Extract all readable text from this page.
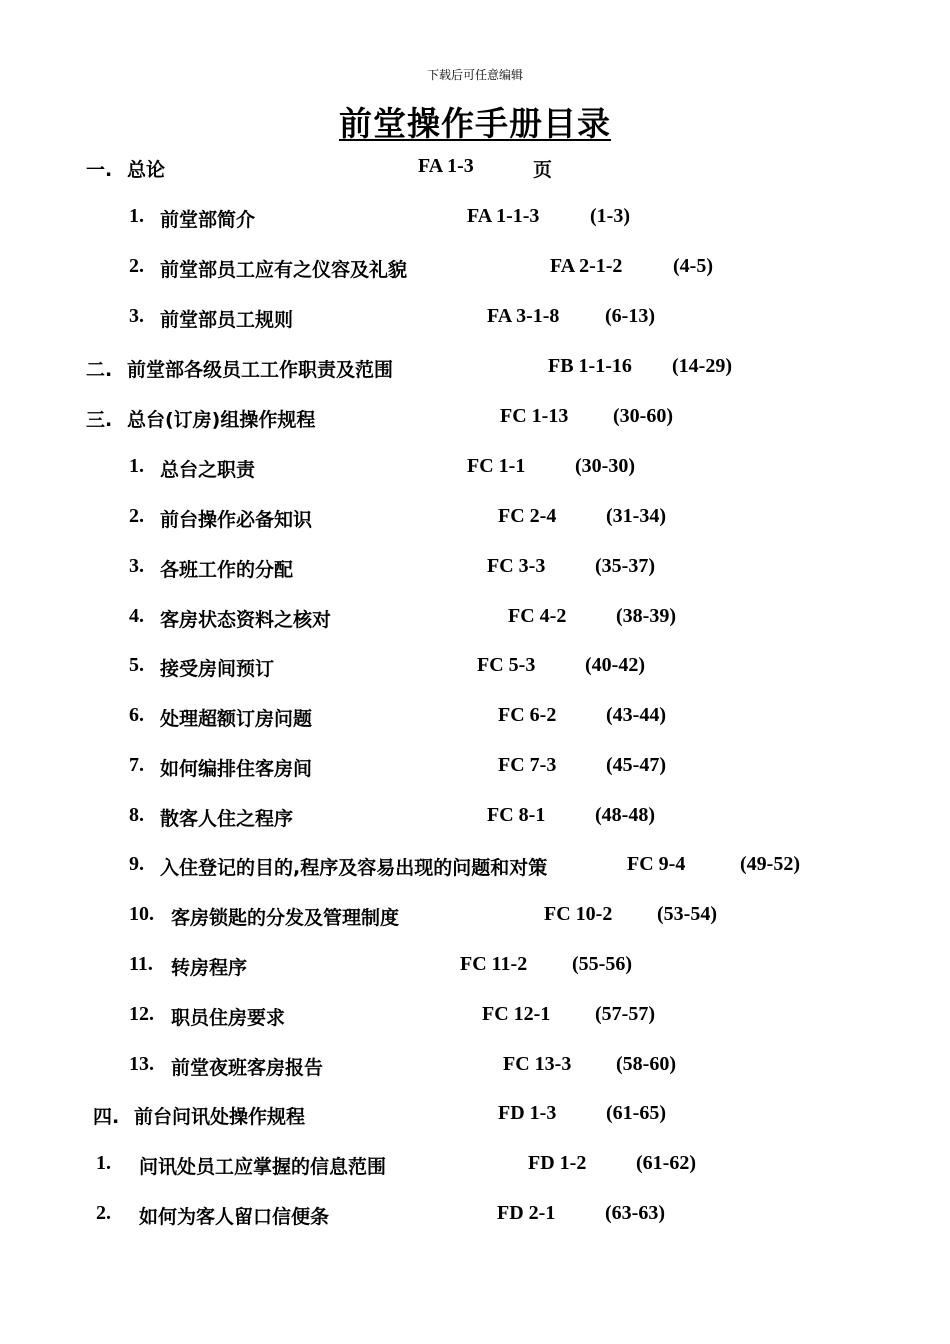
下载后可任意编辑
前堂操作手册目录
一. 总论	FA 1-3	页
1. 前堂部简介	FA 1-1-3	(1-3)
2. 前堂部员工应有之仪容及礼貌	FA 2-1-2	(4-5)
3. 前堂部员工规则	FA 3-1-8 (6-13)
二. 前堂部各级员工工作职责及范围	FB 1-1-16 (14-29)
三. 总台(订房)组操作规程	FC 1-13 (30-60)
1. 总台之职责	FC 1-1 (30-30)
2. 前台操作必备知识	FC 2-4 (31-34)
3. 各班工作的分配	FC 3-3 (35-37)
4. 客房状态资料之核对	FC 4-2 (38-39)
5. 接受房间预订	FC 5-3 (40-42)
6. 处理超额订房问题	FC 6-2 (43-44)
7. 如何编排住客房间	FC 7-3 (45-47)
8. 散客人住之程序	FC 8-1 (48-48)
9. 入住登记的目的,程序及容易出现的问题和对策	FC 9-4	(49-52)
10. 客房锁匙的分发及管理制度	FC 10-2 (53-54)
11. 转房程序	FC 11-2 (55-56)
12. 职员住房要求	FC 12-1 (57-57)
13. 前堂夜班客房报告	FC 13-3 (58-60)
四. 前台问讯处操作规程	FD 1-3 (61-65)
1. 问讯处员工应掌握的信息范围	FD 1-2 (61-62)
2. 如何为客人留口信便条	FD 2-1 (63-63)
